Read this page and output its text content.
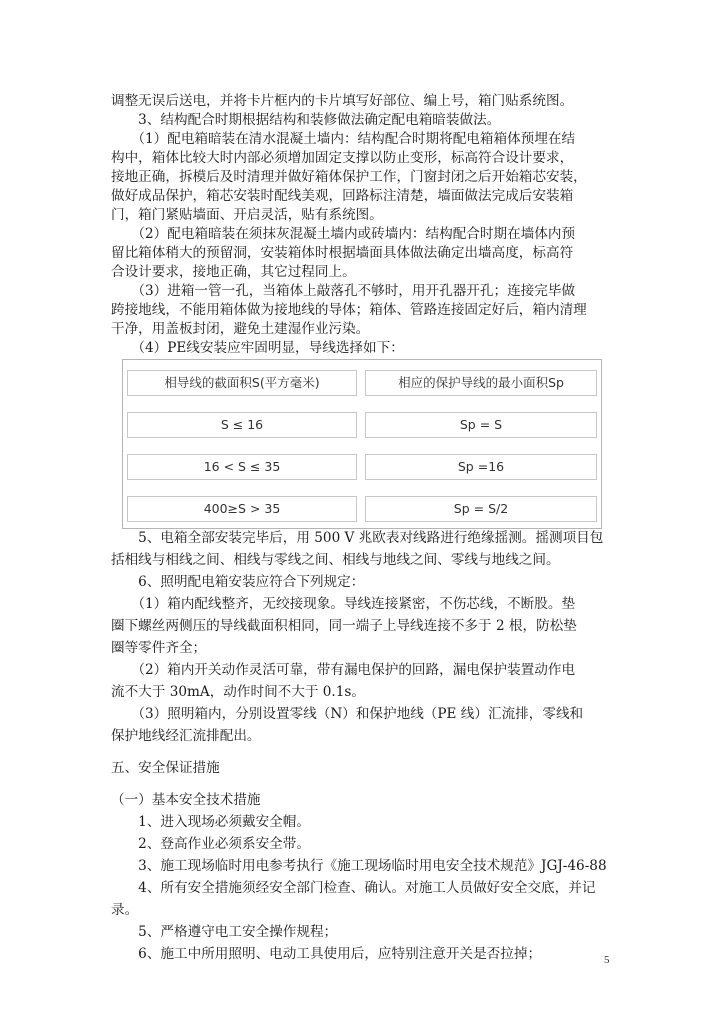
调整无误后送电，并将卡片框内的卡片填写好部位、编上号，箱门贴系统图。
　　3、结构配合时期根据结构和装修做法确定配电箱暗装做法。
　　（1）配电箱暗装在清水混凝土墙内：结构配合时期将配电箱箱体预埋在结
构中，箱体比较大时内部必须增加固定支撑以防止变形，标高符合设计要求，
接地正确，拆模后及时清理并做好箱体保护工作，门窗封闭之后开始箱芯安装，
做好成品保护，箱芯安装时配线美观，回路标注清楚，墙面做法完成后安装箱
门，箱门紧贴墙面、开启灵活，贴有系统图。
　　（2）配电箱暗装在须抹灰混凝土墙内或砖墙内：结构配合时期在墙体内预
留比箱体稍大的预留洞，安装箱体时根据墙面具体做法确定出墙高度，标高符
合设计要求，接地正确，其它过程同上。
　　（3）进箱一管一孔，当箱体上敲落孔不够时，用开孔器开孔；连接完毕做
跨接地线，不能用箱体做为接地线的导体；箱体、管路连接固定好后，箱内清理
干净，用盖板封闭，避免土建湿作业污染。
　　（4）PE线安装应牢固明显，导线选择如下：
相导线的截面积S(平方毫米)	相应的保护导线的最小面积Sp
S ≤ 16	Sp = S
16 < S ≤ 35	Sp =16
400≥S > 35	Sp = S/2
　　5、电箱全部安装完毕后，用 500 V 兆欧表对线路进行绝缘摇测。摇测项目包
括相线与相线之间、相线与零线之间、相线与地线之间、零线与地线之间。
　　6、照明配电箱安装应符合下列规定：
　　（1）箱内配线整齐，无绞接现象。导线连接紧密，不伤芯线，不断股。垫
圈下螺丝两侧压的导线截面积相同，同一端子上导线连接不多于 2 根，防松垫
圈等零件齐全；
　　（2）箱内开关动作灵活可靠，带有漏电保护的回路，漏电保护装置动作电
流不大于 30mA，动作时间不大于 0.1s。
　　（3）照明箱内，分别设置零线（N）和保护地线（PE 线）汇流排，零线和
保护地线经汇流排配出。
五、安全保证措施
（一）基本安全技术措施
　　1、进入现场必须戴安全帽。
　　2、登高作业必须系安全带。
　　3、施工现场临时用电参考执行《施工现场临时用电安全技术规范》JGJ-46-88
　　4、所有安全措施须经安全部门检查、确认。对施工人员做好安全交底，并记
录。
　　5、严格遵守电工安全操作规程；
　　6、施工中所用照明、电动工具使用后，应特别注意开关是否拉掉；	5
